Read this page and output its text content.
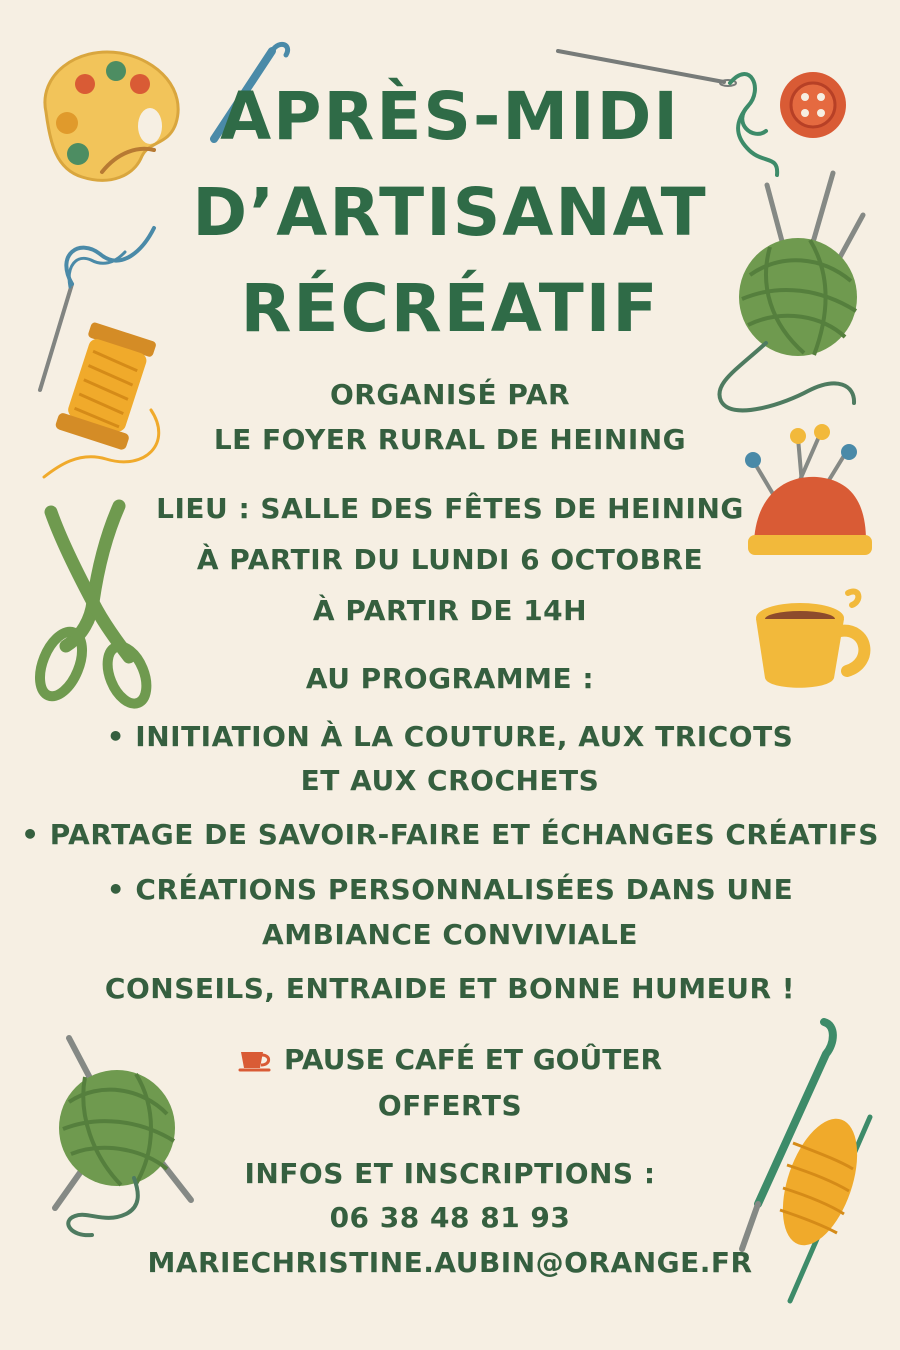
APRÈS-MIDI
D’ARTISANAT
RÉCRÉATIF
ORGANISÉ PAR
LE FOYER RURAL DE HEINING
LIEU : SALLE DES FÊTES DE HEINING
À PARTIR DU LUNDI 6 OCTOBRE
À PARTIR DE 14H
AU PROGRAMME :
• INITIATION À LA COUTURE, AUX TRICOTS
ET AUX CROCHETS
• PARTAGE DE SAVOIR-FAIRE ET ÉCHANGES CRÉATIFS
• CRÉATIONS PERSONNALISÉES DANS UNE
AMBIANCE CONVIVIALE
CONSEILS, ENTRAIDE ET BONNE HUMEUR !
PAUSE CAFÉ ET GOÛTER
OFFERTS
INFOS ET INSCRIPTIONS :
06 38 48 81 93
MARIECHRISTINE.AUBIN@ORANGE.FR
